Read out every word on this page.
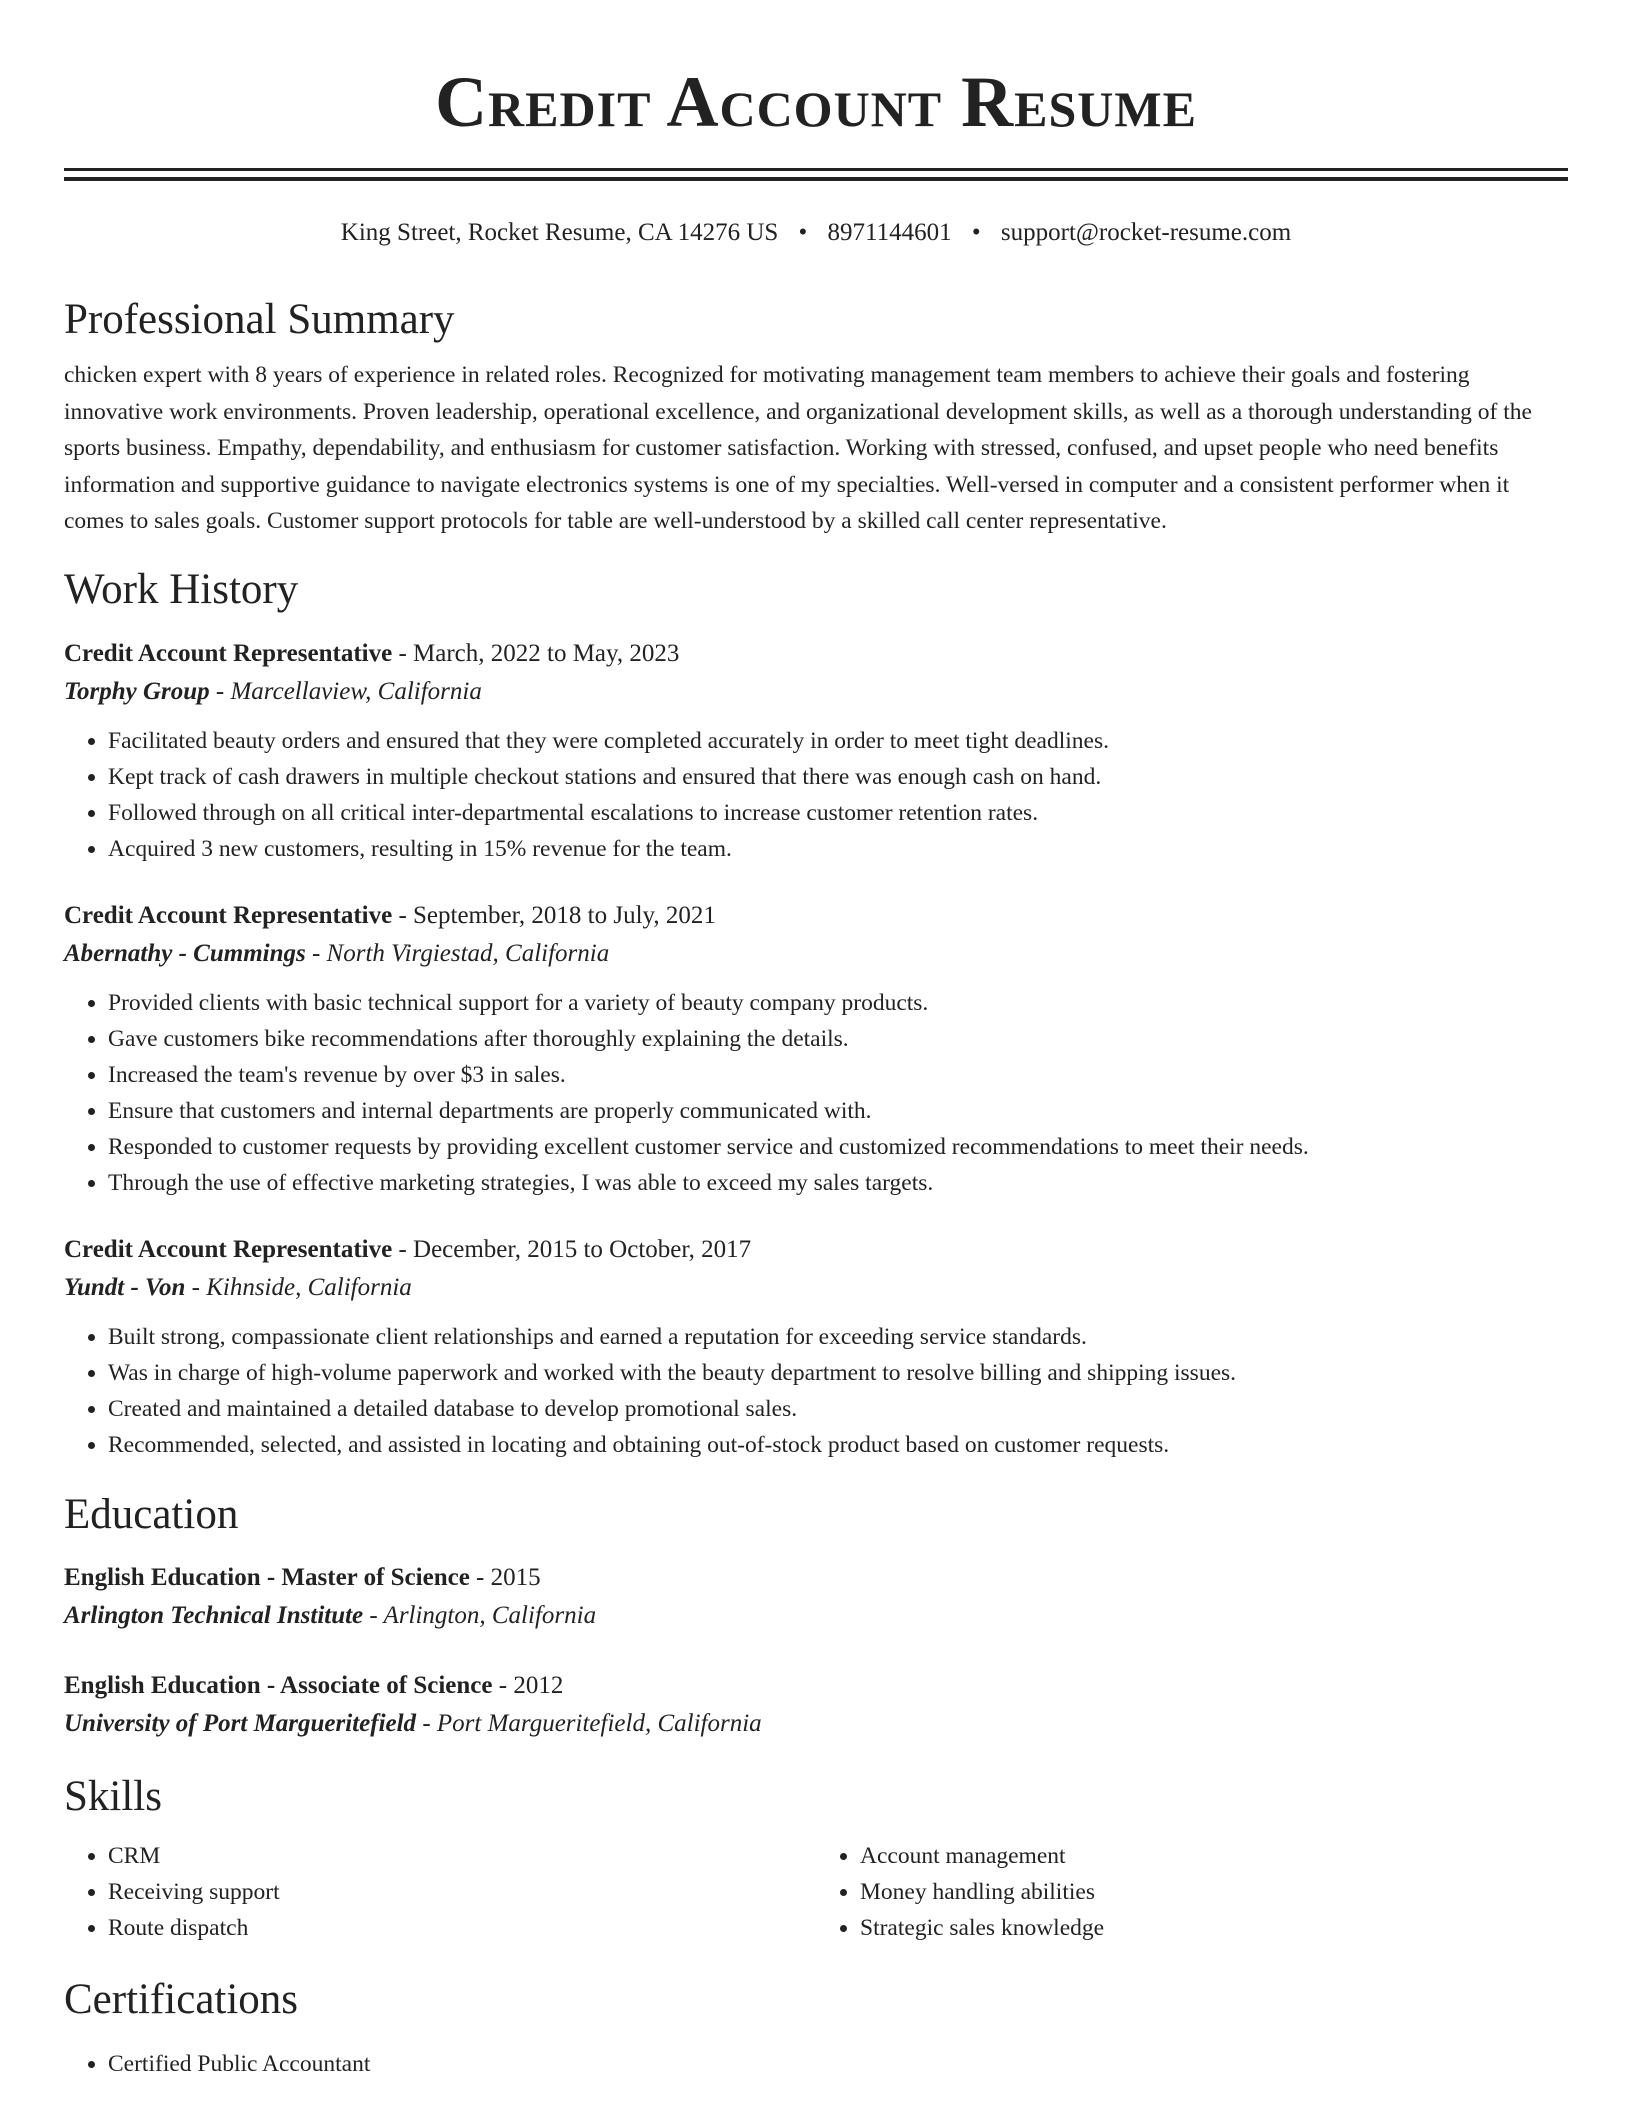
Credit Account Resume
King Street, Rocket Resume, CA 14276 US • 8971144601 • support@rocket-resume.com
Professional Summary
chicken expert with 8 years of experience in related roles. Recognized for motivating management team members to achieve their goals and fostering innovative work environments. Proven leadership, operational excellence, and organizational development skills, as well as a thorough understanding of the sports business. Empathy, dependability, and enthusiasm for customer satisfaction. Working with stressed, confused, and upset people who need benefits information and supportive guidance to navigate electronics systems is one of my specialties. Well-versed in computer and a consistent performer when it comes to sales goals. Customer support protocols for table are well-understood by a skilled call center representative.
Work History
Credit Account Representative - March, 2022 to May, 2023
Torphy Group - Marcellaview, California
• Facilitated beauty orders and ensured that they were completed accurately in order to meet tight deadlines.
• Kept track of cash drawers in multiple checkout stations and ensured that there was enough cash on hand.
• Followed through on all critical inter-departmental escalations to increase customer retention rates.
• Acquired 3 new customers, resulting in 15% revenue for the team.
Credit Account Representative - September, 2018 to July, 2021
Abernathy - Cummings - North Virgiestad, California
• Provided clients with basic technical support for a variety of beauty company products.
• Gave customers bike recommendations after thoroughly explaining the details.
• Increased the team's revenue by over $3 in sales.
• Ensure that customers and internal departments are properly communicated with.
• Responded to customer requests by providing excellent customer service and customized recommendations to meet their needs.
• Through the use of effective marketing strategies, I was able to exceed my sales targets.
Credit Account Representative - December, 2015 to October, 2017
Yundt - Von - Kihnside, California
• Built strong, compassionate client relationships and earned a reputation for exceeding service standards.
• Was in charge of high-volume paperwork and worked with the beauty department to resolve billing and shipping issues.
• Created and maintained a detailed database to develop promotional sales.
• Recommended, selected, and assisted in locating and obtaining out-of-stock product based on customer requests.
Education
English Education - Master of Science - 2015
Arlington Technical Institute - Arlington, California
English Education - Associate of Science - 2012
University of Port Margueritefield - Port Margueritefield, California
Skills
• CRM
• Receiving support
• Route dispatch
• Account management
• Money handling abilities
• Strategic sales knowledge
Certifications
• Certified Public Accountant
